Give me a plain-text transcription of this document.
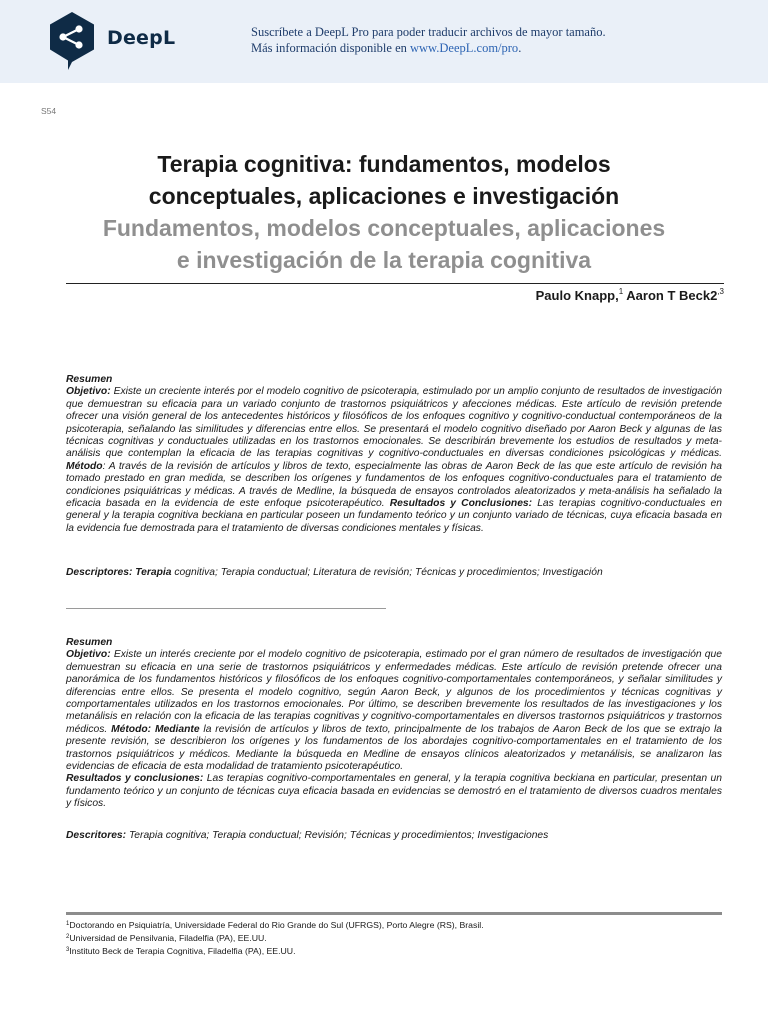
DeepL	Suscríbete a DeepL Pro para poder traducir archivos de mayor tamaño.
Más información disponible en www.DeepL.com/pro.
S54
Terapia cognitiva: fundamentos, modelos
conceptuales, aplicaciones e investigación
Fundamentos, modelos conceptuales, aplicaciones
e investigación de la terapia cognitiva
Paulo Knapp,$^1$ Aaron T $Beck2^{,3}$
Resumen
Objetivo: Existe un creciente interés por el modelo cognitivo de psicoterapia, estimulado por un amplio conjunto de resultados de investigación que demuestran su eficacia para un variado conjunto de trastornos psiquiátricos y afecciones médicas. Este artículo de revisión pretende ofrecer una visión general de los antecedentes históricos y filosóficos de los enfoques cognitivo y cognitivo-conductual contemporáneos de la psicoterapia, señalando las similitudes y diferencias entre ellos. Se presentará el modelo cognitivo diseñado por Aaron Beck y algunas de las técnicas cognitivas y conductuales utilizadas en los trastornos emocionales. Se describirán brevemente los estudios de resultados y meta-análisis que contemplan la eficacia de las terapias cognitivas y cognitivo-conductuales en diversas condiciones psicológicas y médicas. Método: A través de la revisión de artículos y libros de texto, especialmente las obras de Aaron Beck de las que este artículo de revisión ha tomado prestado en gran medida, se describen los orígenes y fundamentos de los enfoques cognitivo-conductuales para el tratamiento de condiciones psiquiátricas y médicas. A través de Medline, la búsqueda de ensayos controlados aleatorizados y meta-análisis ha señalado la eficacia basada en la evidencia de este enfoque psicoterapéutico. Resultados y Conclusiones: Las terapias cognitivo-conductuales en general y la terapia cognitiva beckiana en particular poseen un fundamento teórico y un conjunto variado de técnicas, cuya eficacia basada en la evidencia fue demostrada para el tratamiento de diversas condiciones mentales y físicas.
Descriptores: Terapia cognitiva; Terapia conductual; Literatura de revisión; Técnicas y procedimientos; Investigación
Resumen
Objetivo: Existe un interés creciente por el modelo cognitivo de psicoterapia, estimado por el gran número de resultados de investigación que demuestran su eficacia en una serie de trastornos psiquiátricos y enfermedades médicas. Este artículo de revisión pretende ofrecer una panorámica de los fundamentos históricos y filosóficos de los enfoques cognitivo-comportamentales contemporáneos, y señalar similitudes y diferencias entre ellos. Se presenta el modelo cognitivo, según Aaron Beck, y algunos de los procedimientos y técnicas cognitivas y comportamentales utilizados en los trastornos emocionales. Por último, se describen brevemente los resultados de las investigaciones y los metanálisis en relación con la eficacia de las terapias cognitivas y cognitivo-comportamentales en diversos trastornos psiquiátricos y trastornos médicos. Método: Mediante la revisión de artículos y libros de texto, principalmente de los trabajos de Aaron Beck de los que se extrajo la presente revisión, se describieron los orígenes y los fundamentos de los abordajes cognitivo-comportamentales en el tratamiento de los trastornos psiquiátricos y médicos. Mediante la búsqueda en Medline de ensayos clínicos aleatorizados y metanálisis, se analizaron las evidencias de eficacia de esta modalidad de tratamiento psicoterapéutico.
Resultados y conclusiones: Las terapias cognitivo-comportamentales en general, y la terapia cognitiva beckiana en particular, presentan un fundamento teórico y un conjunto de técnicas cuya eficacia basada en evidencias se demostró en el tratamiento de diversos cuadros mentales y físicos.
Descritores: Terapia cognitiva; Terapia conductual; Revisión; Técnicas y procedimientos; Investigaciones
$^1$Doctorando en Psiquiatría, Universidade Federal do Rio Grande do Sul (UFRGS), Porto Alegre (RS), Brasil.
$^2$Universidad de Pensilvania, Filadelfia (PA), EE.UU.
$^3$Instituto Beck de Terapia Cognitiva, Filadelfia (PA), EE.UU.
